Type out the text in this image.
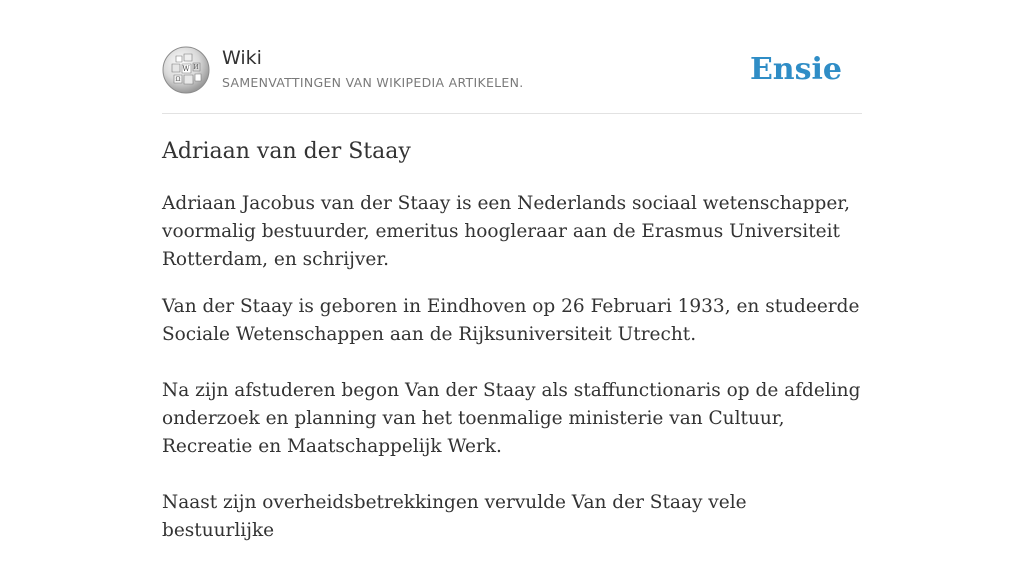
W
Ω
И Wiki
SAMENVATTINGEN VAN WIKIPEDIA ARTIKELEN.	Ensie
Adriaan van der Staay

Adriaan Jacobus van der Staay is een Nederlands sociaal wetenschapper, voormalig bestuurder, emeritus hoogleraar aan de Erasmus Universiteit Rotterdam, en schrijver.

Van der Staay is geboren in Eindhoven op 26 Februari 1933, en studeerde Sociale Wetenschappen aan de Rijksuniversiteit Utrecht.

Na zijn afstuderen begon Van der Staay als staffunctionaris op de afdeling onderzoek en planning van het toenmalige ministerie van Cultuur, Recreatie en Maatschappelijk Werk.

Naast zijn overheidsbetrekkingen vervulde Van der Staay vele bestuurlijke
